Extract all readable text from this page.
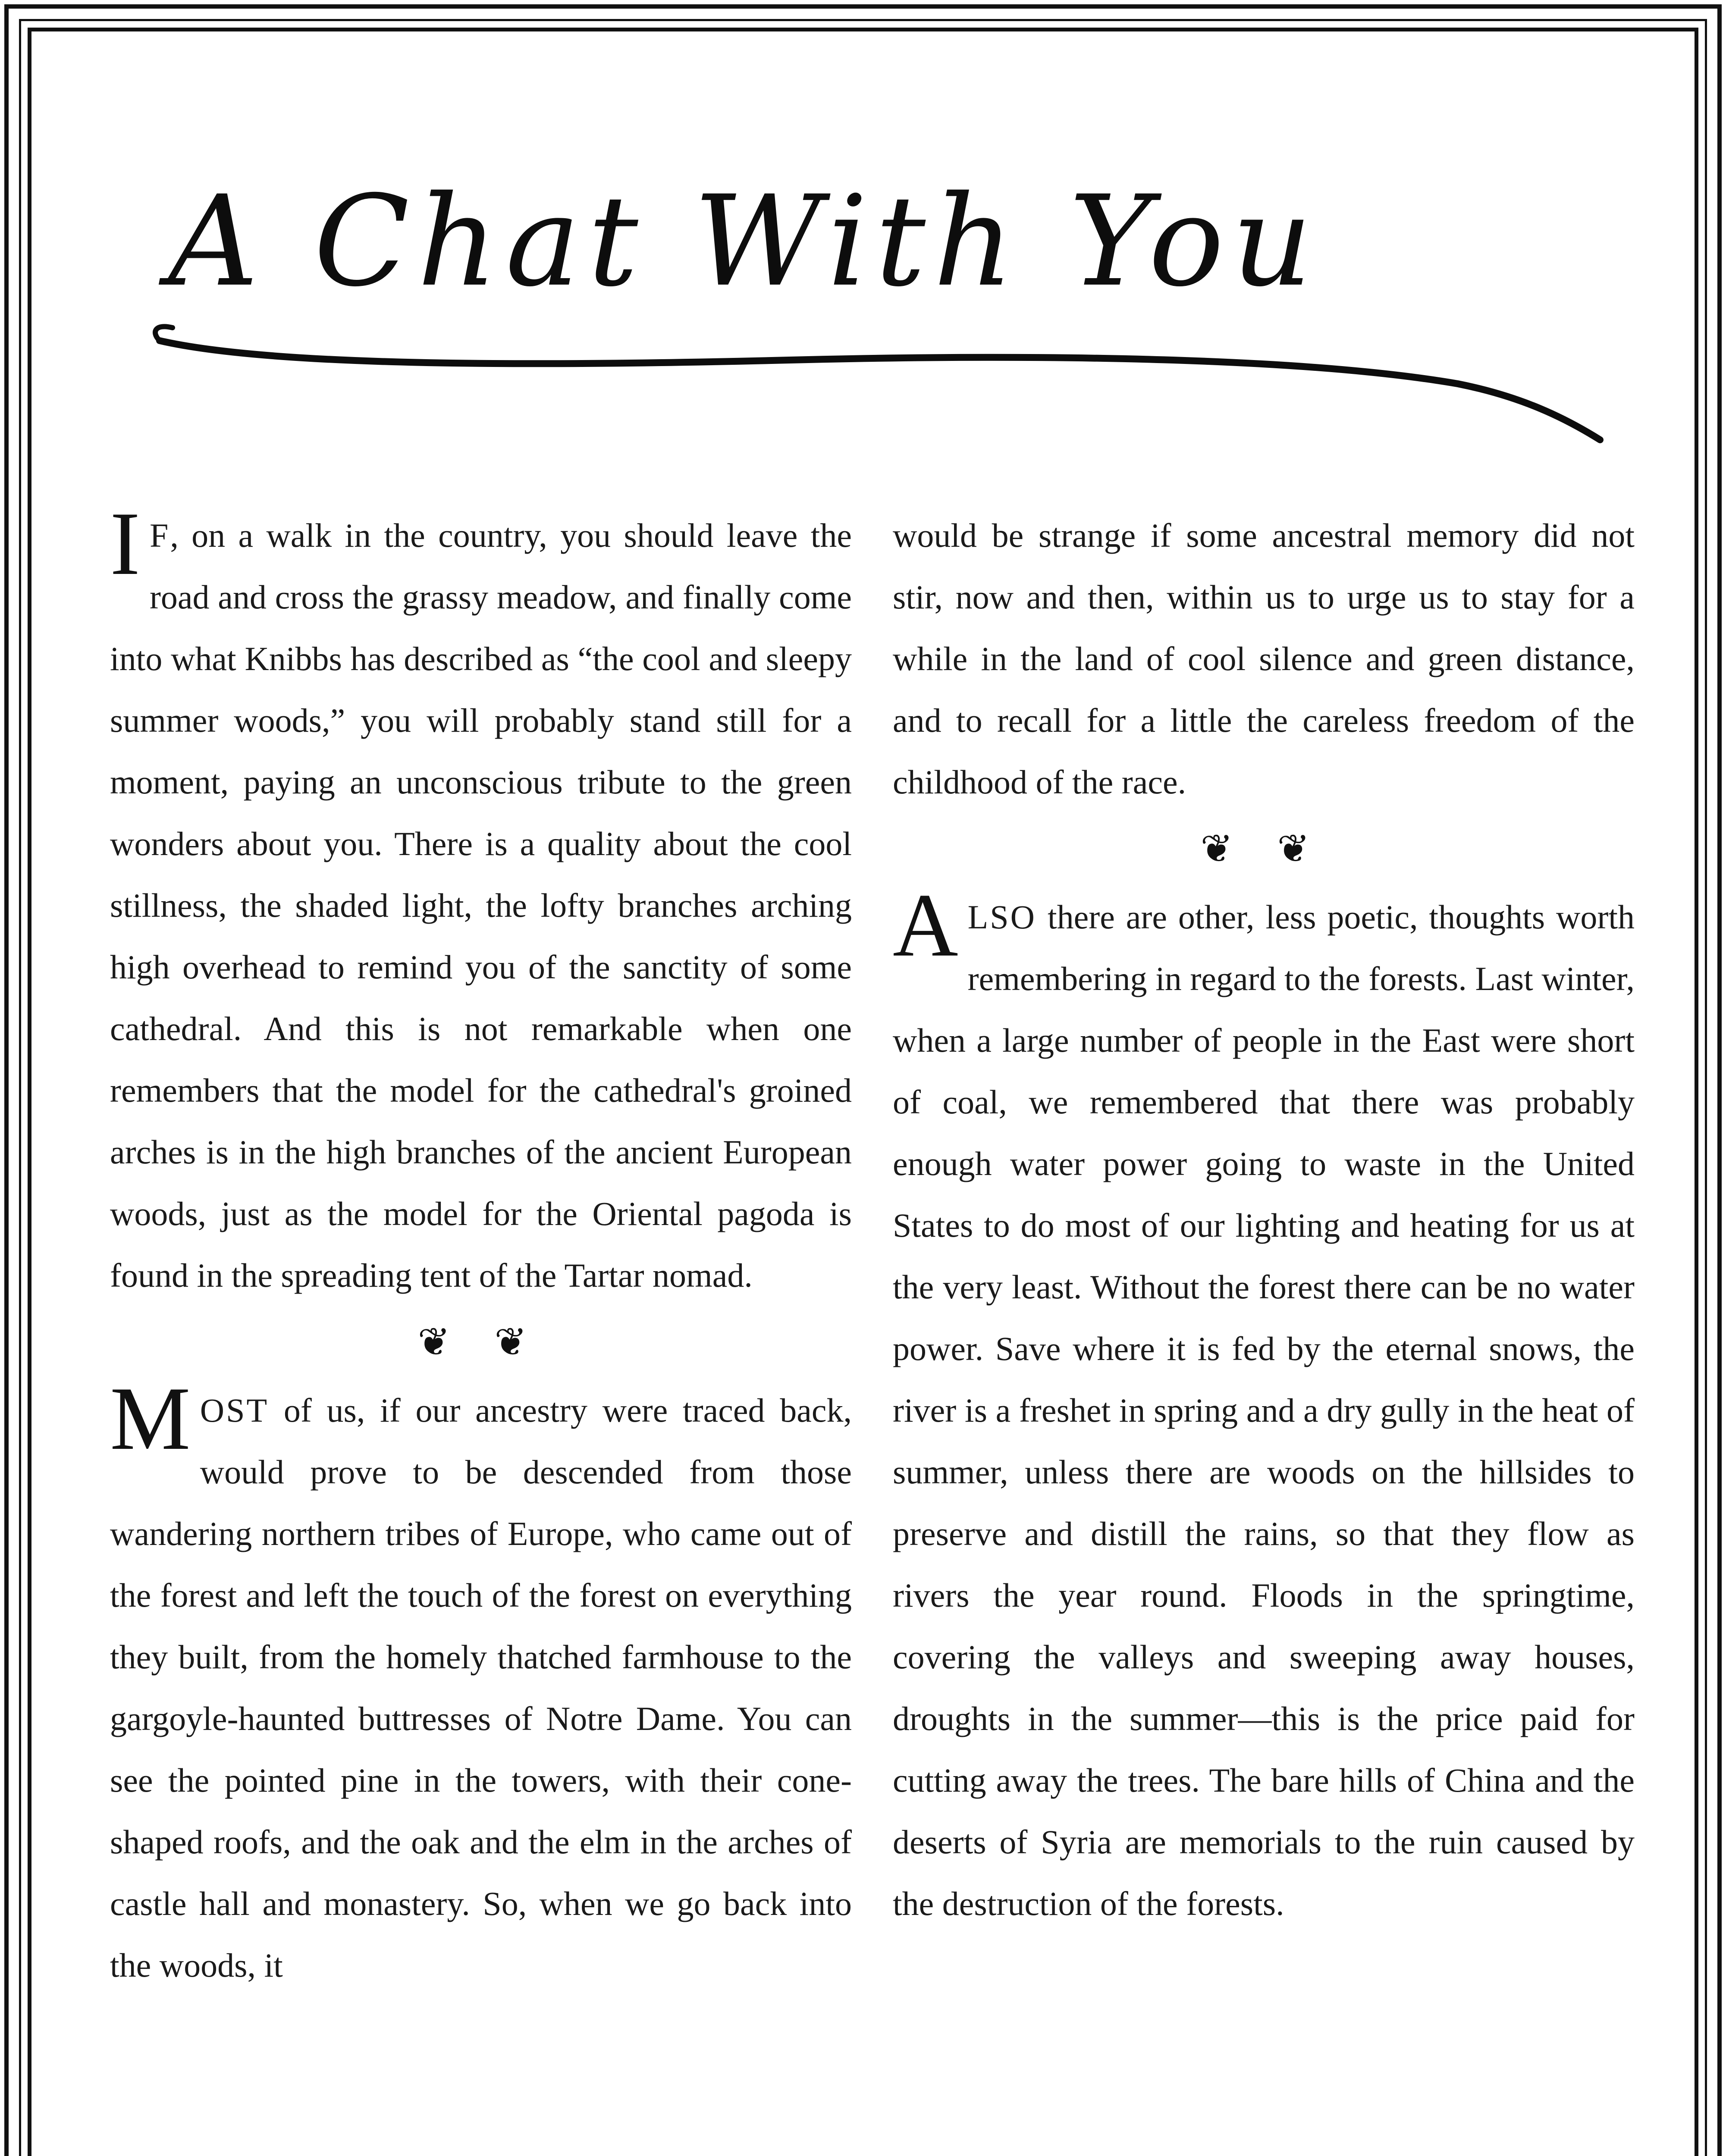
A Chat With You

I F, on a walk in the country, you should leave the road and cross the grassy meadow, and finally come into what Knibbs has described as “the cool and sleepy summer woods,” you will probably stand still for a moment, paying an unconscious tribute to the green wonders about you. There is a quality about the cool stillness, the shaded light, the lofty branches arching high overhead to remind you of the sanctity of some cathedral. And this is not remarkable when one remembers that the model for the cathedral's groined arches is in the high branches of the ancient European woods, just as the model for the Oriental pagoda is found in the spreading tent of the Tartar nomad.

❦ ❦

MOST of us, if our ancestry were traced back, would prove to be descended from those wandering northern tribes of Europe, who came out of the forest and left the touch of the forest on everything they built, from the homely thatched farmhouse to the gargoyle-haunted buttresses of Notre Dame. You can see the pointed pine in the towers, with their cone-shaped roofs, and the oak and the elm in the arches of castle hall and monastery. So, when we go back into the woods, it

would be strange if some ancestral memory did not stir, now and then, within us to urge us to stay for a while in the land of cool silence and green distance, and to recall for a little the careless freedom of the childhood of the race.

❦ ❦

ALSO there are other, less poetic, thoughts worth remembering in regard to the forests. Last winter, when a large number of people in the East were short of coal, we remembered that there was probably enough water power going to waste in the United States to do most of our lighting and heating for us at the very least. Without the forest there can be no water power. Save where it is fed by the eternal snows, the river is a freshet in spring and a dry gully in the heat of summer, unless there are woods on the hillsides to preserve and distill the rains, so that they flow as rivers the year round. Floods in the springtime, covering the valleys and sweeping away houses, droughts in the summer—this is the price paid for cutting away the trees. The bare hills of China and the deserts of Syria are memorials to the ruin caused by the destruction of the forests.
